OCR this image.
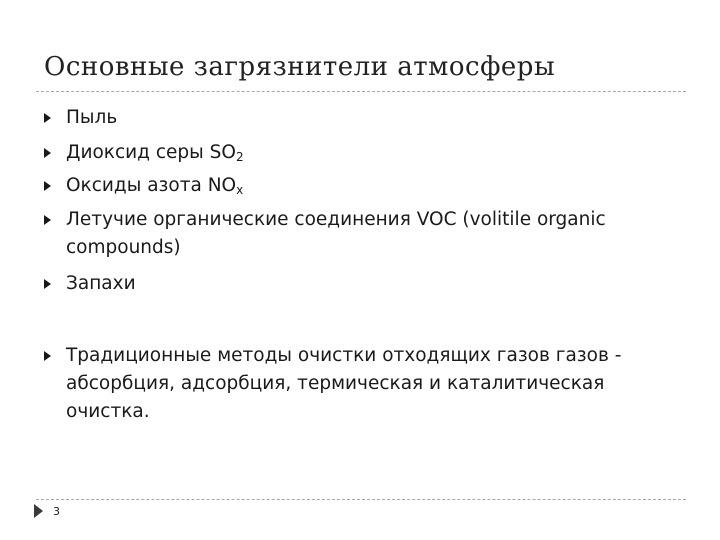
Основные загрязнители атмосферы
Пыль
Диоксид серы $SO_2$
Оксиды азота $NO_x$
Летучие органические соединения VOC (volitile organic compounds)
Запахи
Традиционные методы очистки отходящих газов газов - абсорбция, адсорбция, термическая и каталитическая очистка.
3
